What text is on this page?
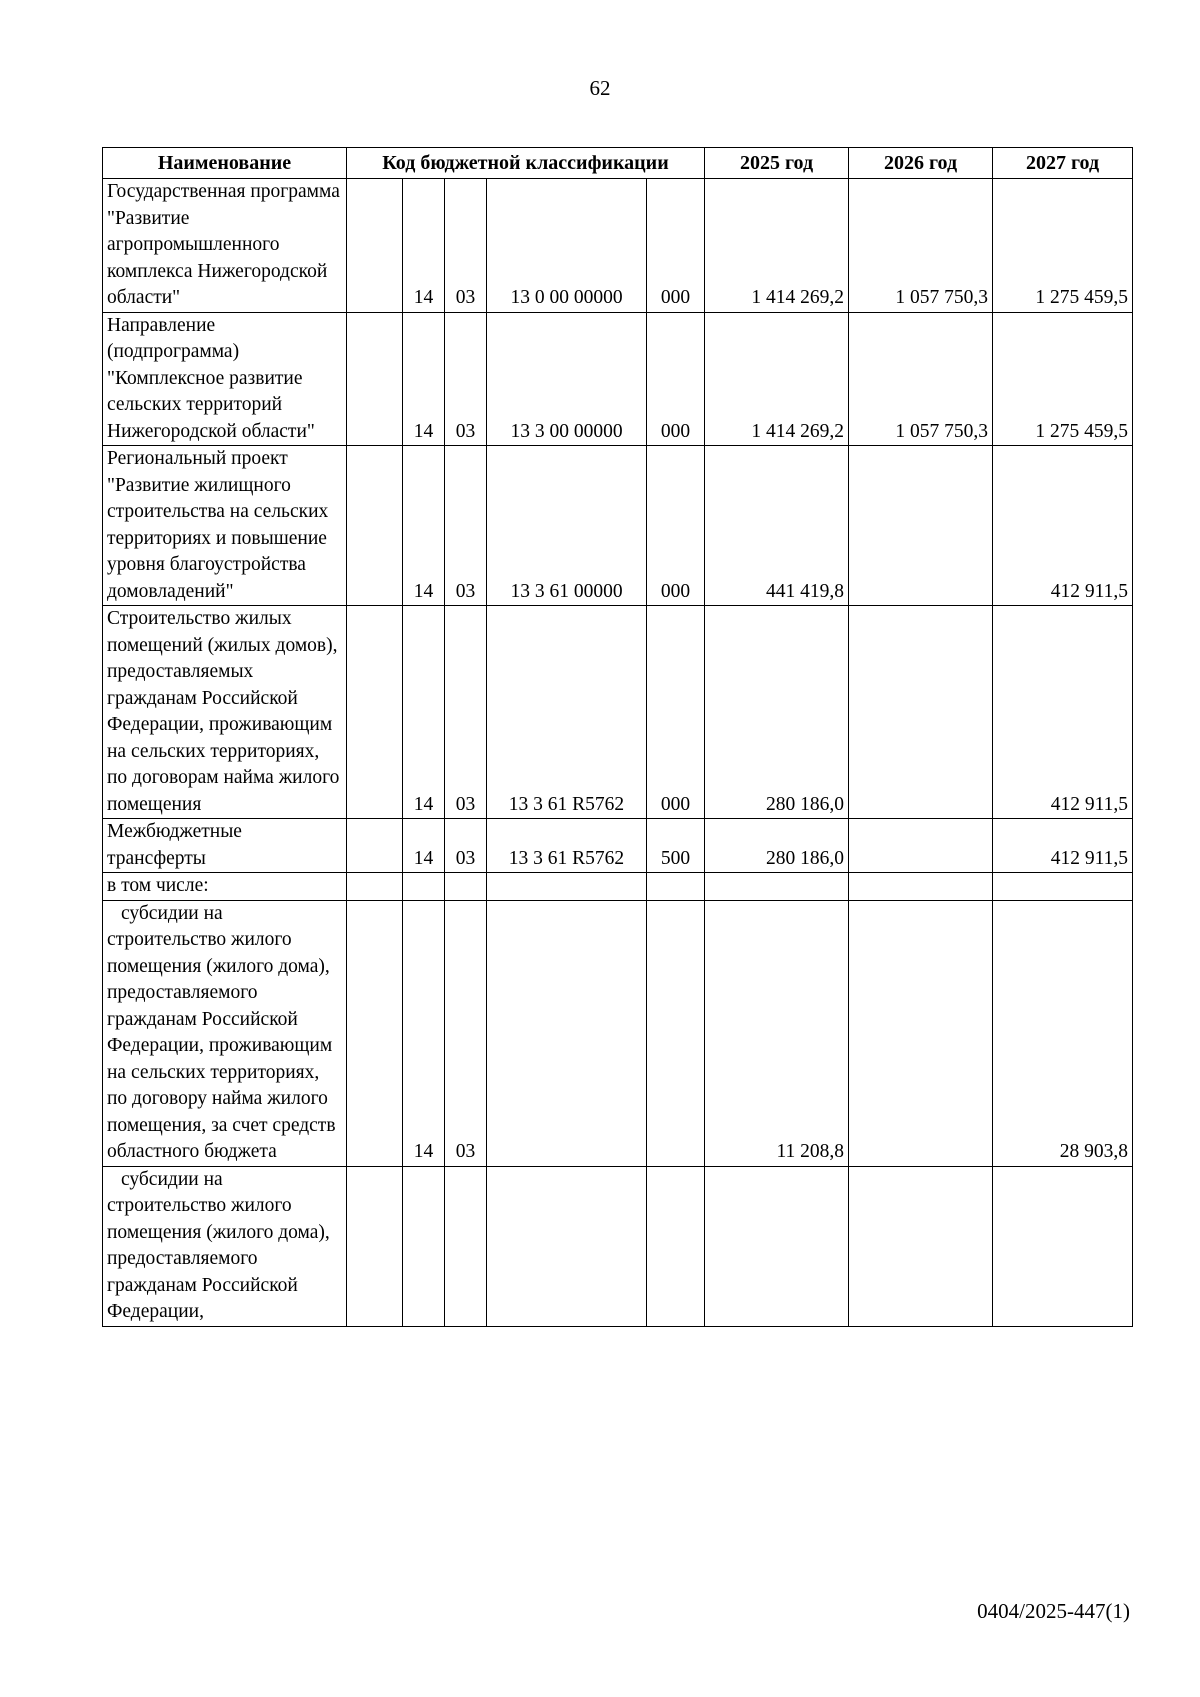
62
Наименование	Код бюджетной классификации					2025 год	2026 год	2027 год
Государственная программа "Развитие агропромышленного комплекса Нижегородской области"		14	03	13 0 00 00000	000	1 414 269,2	1 057 750,3	1 275 459,5
Направление (подпрограмма) "Комплексное развитие сельских территорий Нижегородской области"		14	03	13 3 00 00000	000	1 414 269,2	1 057 750,3	1 275 459,5
Региональный проект "Развитие жилищного строительства на сельских территориях и повышение уровня благоустройства домовладений"		14	03	13 3 61 00000	000	441 419,8		412 911,5
Строительство жилых помещений (жилых домов), предоставляемых гражданам Российской Федерации, проживающим на сельских территориях, по договорам найма жилого помещения		14	03	13 3 61 R5762	000	280 186,0		412 911,5
Межбюджетные трансферты		14	03	13 3 61 R5762	500	280 186,0		412 911,5
в том числе:								
субсидии на строительство жилого помещения (жилого дома), предоставляемого гражданам Российской Федерации, проживающим на сельских территориях, по договору найма жилого помещения, за счет средств областного бюджета		14	03			11 208,8		28 903,8
субсидии на строительство жилого помещения (жилого дома), предоставляемого гражданам Российской Федерации,								
0404/2025-447(1)
